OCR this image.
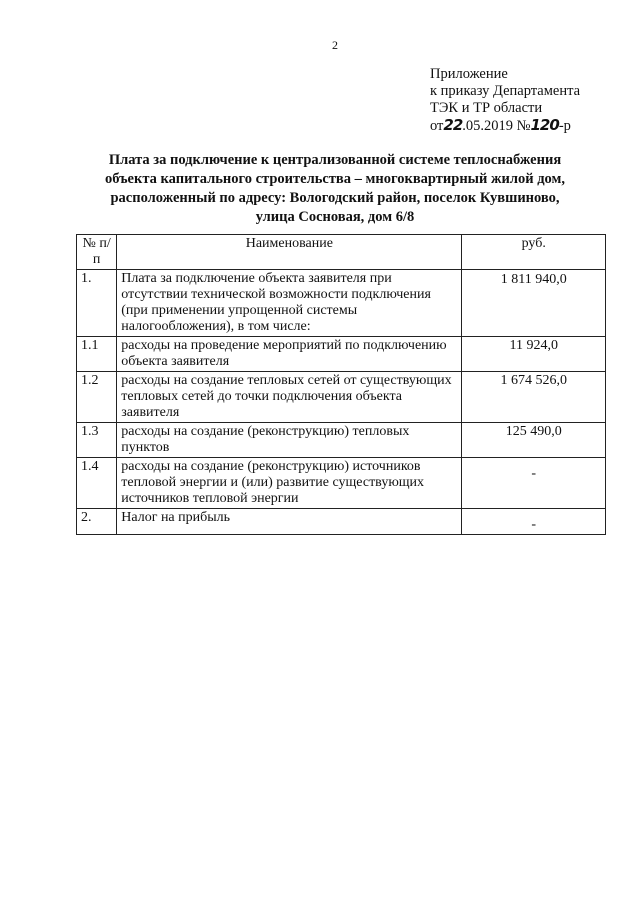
2
Приложение
к приказу Департамента
ТЭК и ТР области
от22.05.2019 №120-р
Плата за подключение к централизованной системе теплоснабжения
объекта капитального строительства – многоквартирный жилой дом,
расположенный по адресу: Вологодский район, поселок Кувшиново,
улица Сосновая, дом 6/8
№ п/п	Наименование	руб.
1.	Плата за подключение объекта заявителя при отсутствии технической возможности подключения (при применении упрощенной системы налогообложения), в том числе:	1 811 940,0
1.1	расходы на проведение мероприятий по подключению объекта заявителя	11 924,0
1.2	расходы на создание тепловых сетей от существующих тепловых сетей до точки подключения объекта заявителя	1 674 526,0
1.3	расходы на создание (реконструкцию) тепловых пунктов	125 490,0
1.4	расходы на создание (реконструкцию) источников тепловой энергии и (или) развитие существующих источников тепловой энергии	-
2.	Налог на прибыль	-
